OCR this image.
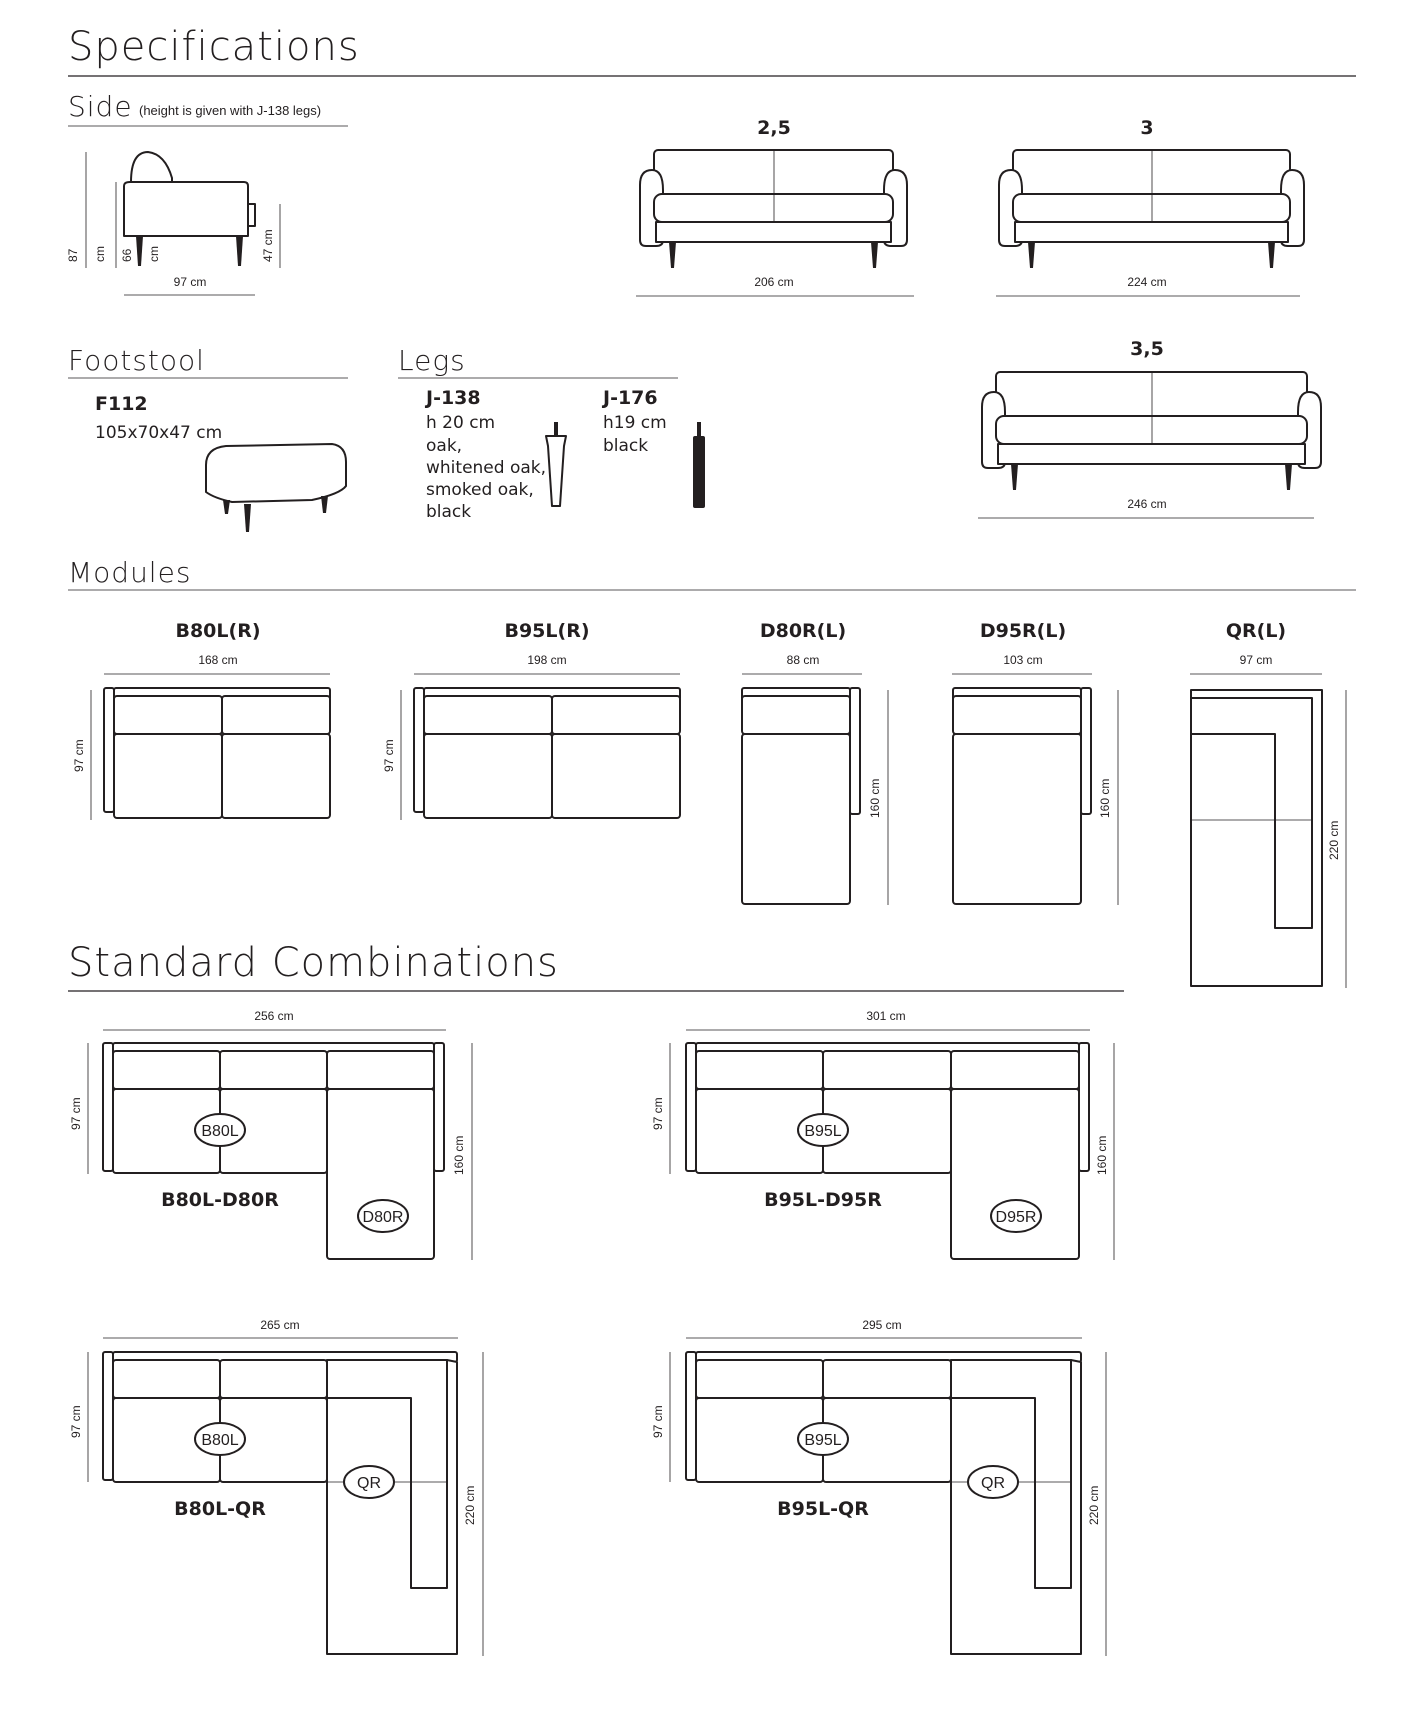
Specifications
Side (height is given with J-138 legs)
87 cm 66 cm	47 cm
97 cm
2,5
206 cm
3
224 cm
3,5
246 cm
Footstool
F112
105x70x47 cm
Legs
J-138
h 20 cm
oak,
whitened oak,
smoked oak,
black
J-176
h19 cm
black
Modules
B80L(R)
168 cm
97 cm
B95L(R)
198 cm
97 cm
D80R(L)
88 cm
160 cm
D95R(L)
103 cm
160 cm
QR(L)
97 cm
220 cm
Standard Combinations
256 cm
97 cm
160 cm
B80L
D80R
B80L-D80R
301 cm
97 cm
160 cm
B95L
D95R
B95L-D95R
265 cm
97 cm
220 cm
B80L
QR
B80L-QR
295 cm
97 cm
220 cm
B95L
QR
B95L-QR
